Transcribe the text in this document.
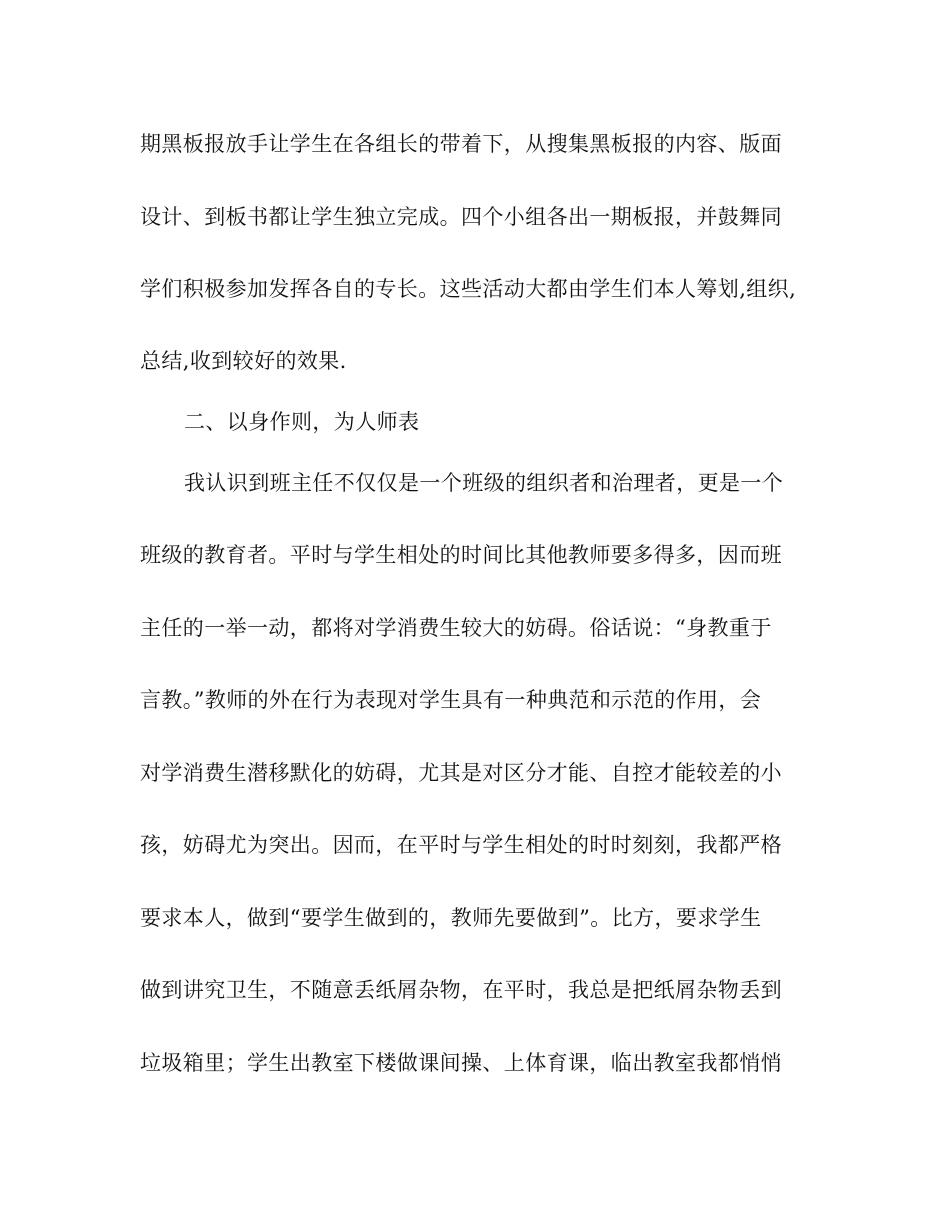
期黑板报放手让学生在各组长的带着下，从搜集黑板报的内容、版面
设计、到板书都让学生独立完成。四个小组各出一期板报，并鼓舞同
学们积极参加发挥各自的专长。这些活动大都由学生们本人筹划,组织,
总结,收到较好的效果.
二、以身作则，为人师表
我认识到班主任不仅仅是一个班级的组织者和治理者，更是一个
班级的教育者。平时与学生相处的时间比其他教师要多得多，因而班
主任的一举一动，都将对学消费生较大的妨碍。俗话说：“身教重于
言教。”教师的外在行为表现对学生具有一种典范和示范的作用，会
对学消费生潜移默化的妨碍，尤其是对区分才能、自控才能较差的小
孩，妨碍尤为突出。因而，在平时与学生相处的时时刻刻，我都严格
要求本人，做到“要学生做到的，教师先要做到”。比方，要求学生
做到讲究卫生，不随意丢纸屑杂物，在平时，我总是把纸屑杂物丢到
垃圾箱里；学生出教室下楼做课间操、上体育课，临出教室我都悄悄
